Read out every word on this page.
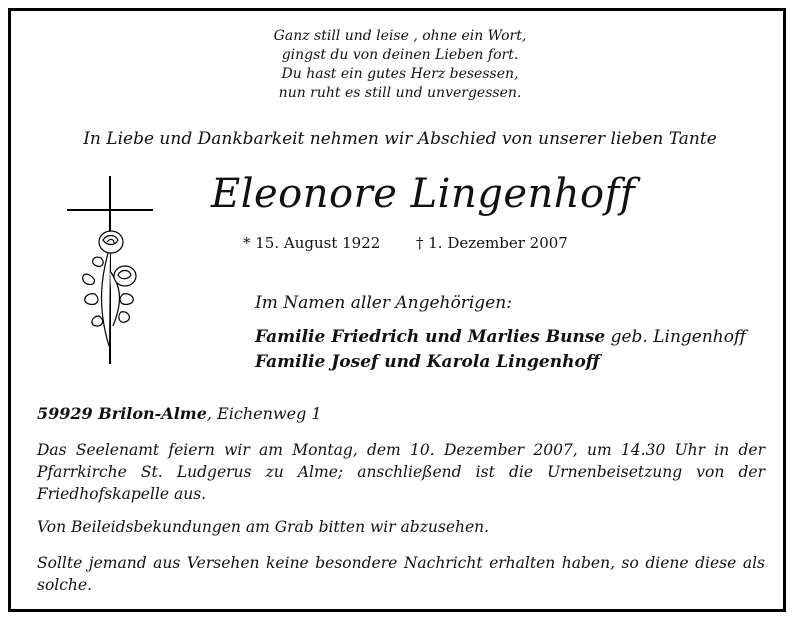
Ganz still und leise , ohne ein Wort,
gingst du von deinen Lieben fort.
Du hast ein gutes Herz besessen,
nun ruht es still und unvergessen.
In Liebe und Dankbarkeit nehmen wir Abschied von unserer lieben Tante
Eleonore Lingenhoff
* 15. August 1922 † 1. Dezember 2007
Im Namen aller Angehörigen:
Familie Friedrich und Marlies Bunse geb. Lingenhoff
Familie Josef und Karola Lingenhoff
59929 Brilon-Alme, Eichenweg 1
Das Seelenamt feiern wir am Montag, dem 10. Dezember 2007, um 14.30 Uhr in der Pfarrkirche St. Ludgerus zu Alme; anschließend ist die Urnenbeisetzung von der Friedhofskapelle aus.
Von Beileidsbekundungen am Grab bitten wir abzusehen.
Sollte jemand aus Versehen keine besondere Nachricht erhalten haben, so diene diese als solche.
